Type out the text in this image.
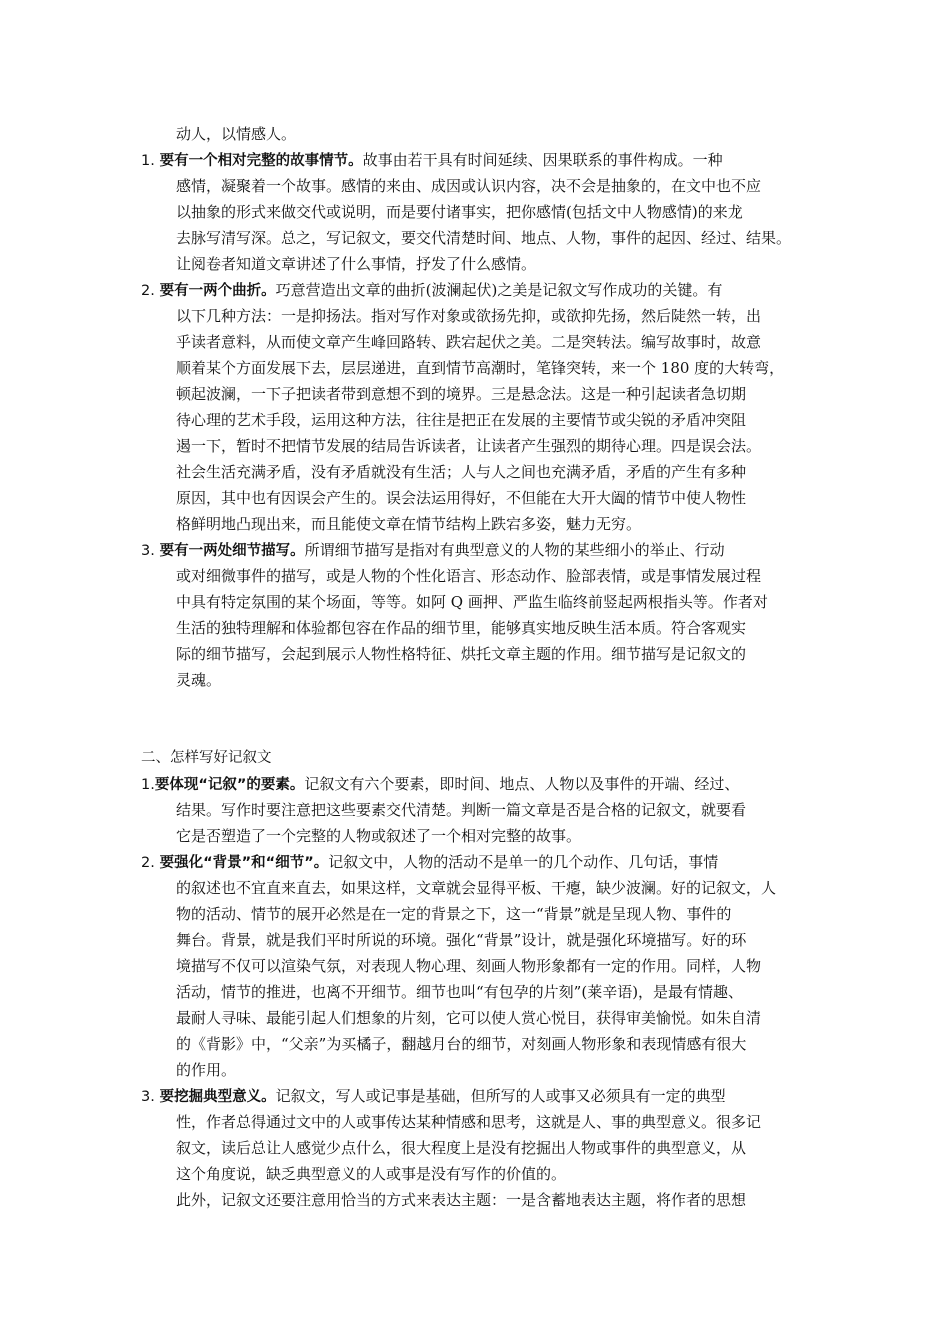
动人，以情感人。
1. 要有一个相对完整的故事情节。故事由若干具有时间延续、因果联系的事件构成。一种
感情，凝聚着一个故事。感情的来由、成因或认识内容，决不会是抽象的，在文中也不应
以抽象的形式来做交代或说明，而是要付诸事实，把你感情(包括文中人物感情)的来龙
去脉写清写深。总之，写记叙文，要交代清楚时间、地点、人物，事件的起因、经过、结果。
让阅卷者知道文章讲述了什么事情，抒发了什么感情。
2. 要有一两个曲折。巧意营造出文章的曲折(波澜起伏)之美是记叙文写作成功的关键。有
以下几种方法：一是抑扬法。指对写作对象或欲扬先抑，或欲抑先扬，然后陡然一转，出
乎读者意料，从而使文章产生峰回路转、跌宕起伏之美。二是突转法。编写故事时，故意
顺着某个方面发展下去，层层递进，直到情节高潮时，笔锋突转，来一个 180 度的大转弯，
顿起波澜，一下子把读者带到意想不到的境界。三是悬念法。这是一种引起读者急切期
待心理的艺术手段，运用这种方法，往往是把正在发展的主要情节或尖锐的矛盾冲突阻
遏一下，暂时不把情节发展的结局告诉读者，让读者产生强烈的期待心理。四是误会法。
社会生活充满矛盾，没有矛盾就没有生活；人与人之间也充满矛盾，矛盾的产生有多种
原因，其中也有因误会产生的。误会法运用得好，不但能在大开大阖的情节中使人物性
格鲜明地凸现出来，而且能使文章在情节结构上跌宕多姿，魅力无穷。
3. 要有一两处细节描写。所谓细节描写是指对有典型意义的人物的某些细小的举止、行动
或对细微事件的描写，或是人物的个性化语言、形态动作、脸部表情，或是事情发展过程
中具有特定氛围的某个场面，等等。如阿 Q 画押、严监生临终前竖起两根指头等。作者对
生活的独特理解和体验都包容在作品的细节里，能够真实地反映生活本质。符合客观实
际的细节描写，会起到展示人物性格特征、烘托文章主题的作用。细节描写是记叙文的
灵魂。
二、怎样写好记叙文
1.要体现“记叙”的要素。记叙文有六个要素，即时间、地点、人物以及事件的开端、经过、
结果。写作时要注意把这些要素交代清楚。判断一篇文章是否是合格的记叙文，就要看
它是否塑造了一个完整的人物或叙述了一个相对完整的故事。
2. 要强化“背景”和“细节”。记叙文中，人物的活动不是单一的几个动作、几句话，事情
的叙述也不宜直来直去，如果这样，文章就会显得平板、干瘪，缺少波澜。好的记叙文，人
物的活动、情节的展开必然是在一定的背景之下，这一“背景”就是呈现人物、事件的
舞台。背景，就是我们平时所说的环境。强化“背景”设计，就是强化环境描写。好的环
境描写不仅可以渲染气氛，对表现人物心理、刻画人物形象都有一定的作用。同样，人物
活动，情节的推进，也离不开细节。细节也叫“有包孕的片刻”(莱辛语)，是最有情趣、
最耐人寻味、最能引起人们想象的片刻，它可以使人赏心悦目，获得审美愉悦。如朱自清
的《背影》中，“父亲”为买橘子，翻越月台的细节，对刻画人物形象和表现情感有很大
的作用。
3. 要挖掘典型意义。记叙文，写人或记事是基础，但所写的人或事又必须具有一定的典型
性，作者总得通过文中的人或事传达某种情感和思考，这就是人、事的典型意义。很多记
叙文，读后总让人感觉少点什么，很大程度上是没有挖掘出人物或事件的典型意义，从
这个角度说，缺乏典型意义的人或事是没有写作的价值的。
此外，记叙文还要注意用恰当的方式来表达主题：一是含蓄地表达主题，将作者的思想
